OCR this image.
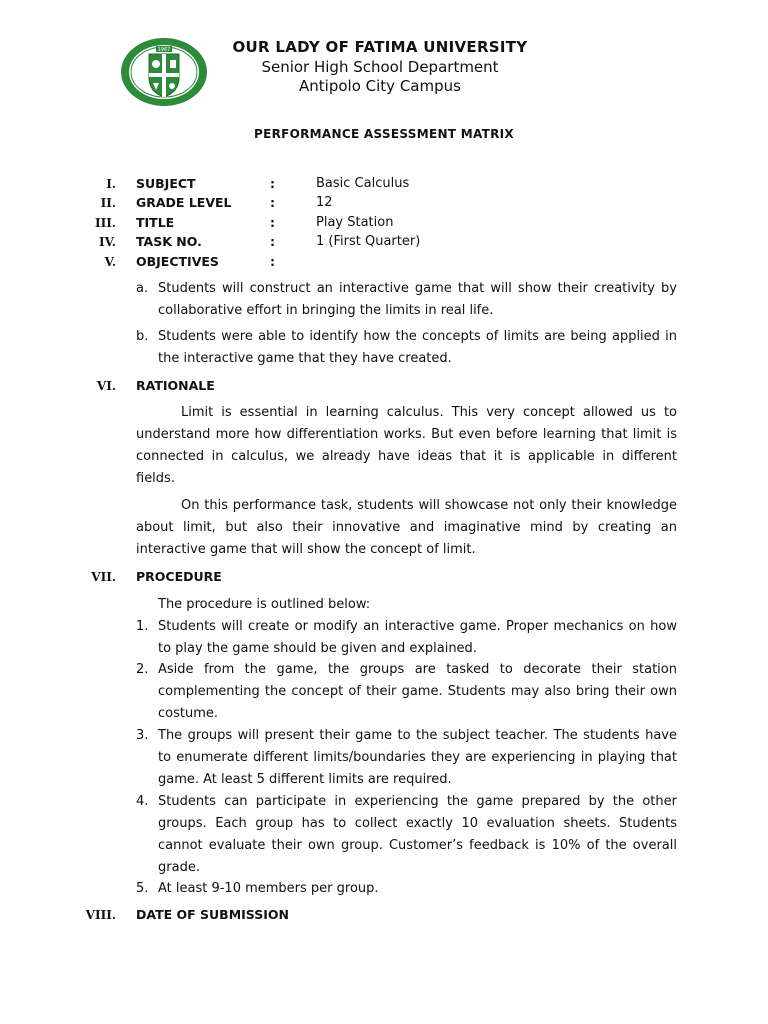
1967	OUR LADY OF FATIMA UNIVERSITY
Senior High School Department
Antipolo City Campus
PERFORMANCE ASSESSMENT MATRIX
I. SUBJECT	:	Basic Calculus
II. GRADE LEVEL	:	12
III. TITLE	:	Play Station
IV. TASK NO.	:	1 (First Quarter)
V. OBJECTIVES	:
a. Students will construct an interactive game that will show their creativity by collaborative effort in bringing the limits in real life.
b. Students were able to identify how the concepts of limits are being applied in the interactive game that they have created.
VI. RATIONALE
Limit is essential in learning calculus. This very concept allowed us to understand more how differentiation works. But even before learning that limit is connected in calculus, we already have ideas that it is applicable in different fields.
On this performance task, students will showcase not only their knowledge about limit, but also their innovative and imaginative mind by creating an interactive game that will show the concept of limit.
VII. PROCEDURE
The procedure is outlined below:
1. Students will create or modify an interactive game. Proper mechanics on how to play the game should be given and explained.
2. Aside from the game, the groups are tasked to decorate their station complementing the concept of their game. Students may also bring their own costume.
3. The groups will present their game to the subject teacher. The students have to enumerate different limits/boundaries they are experiencing in playing that game. At least 5 different limits are required.
4. Students can participate in experiencing the game prepared by the other groups. Each group has to collect exactly 10 evaluation sheets. Students cannot evaluate their own group. Customer’s feedback is 10% of the overall grade.
5. At least 9-10 members per group.
VIII. DATE OF SUBMISSION
